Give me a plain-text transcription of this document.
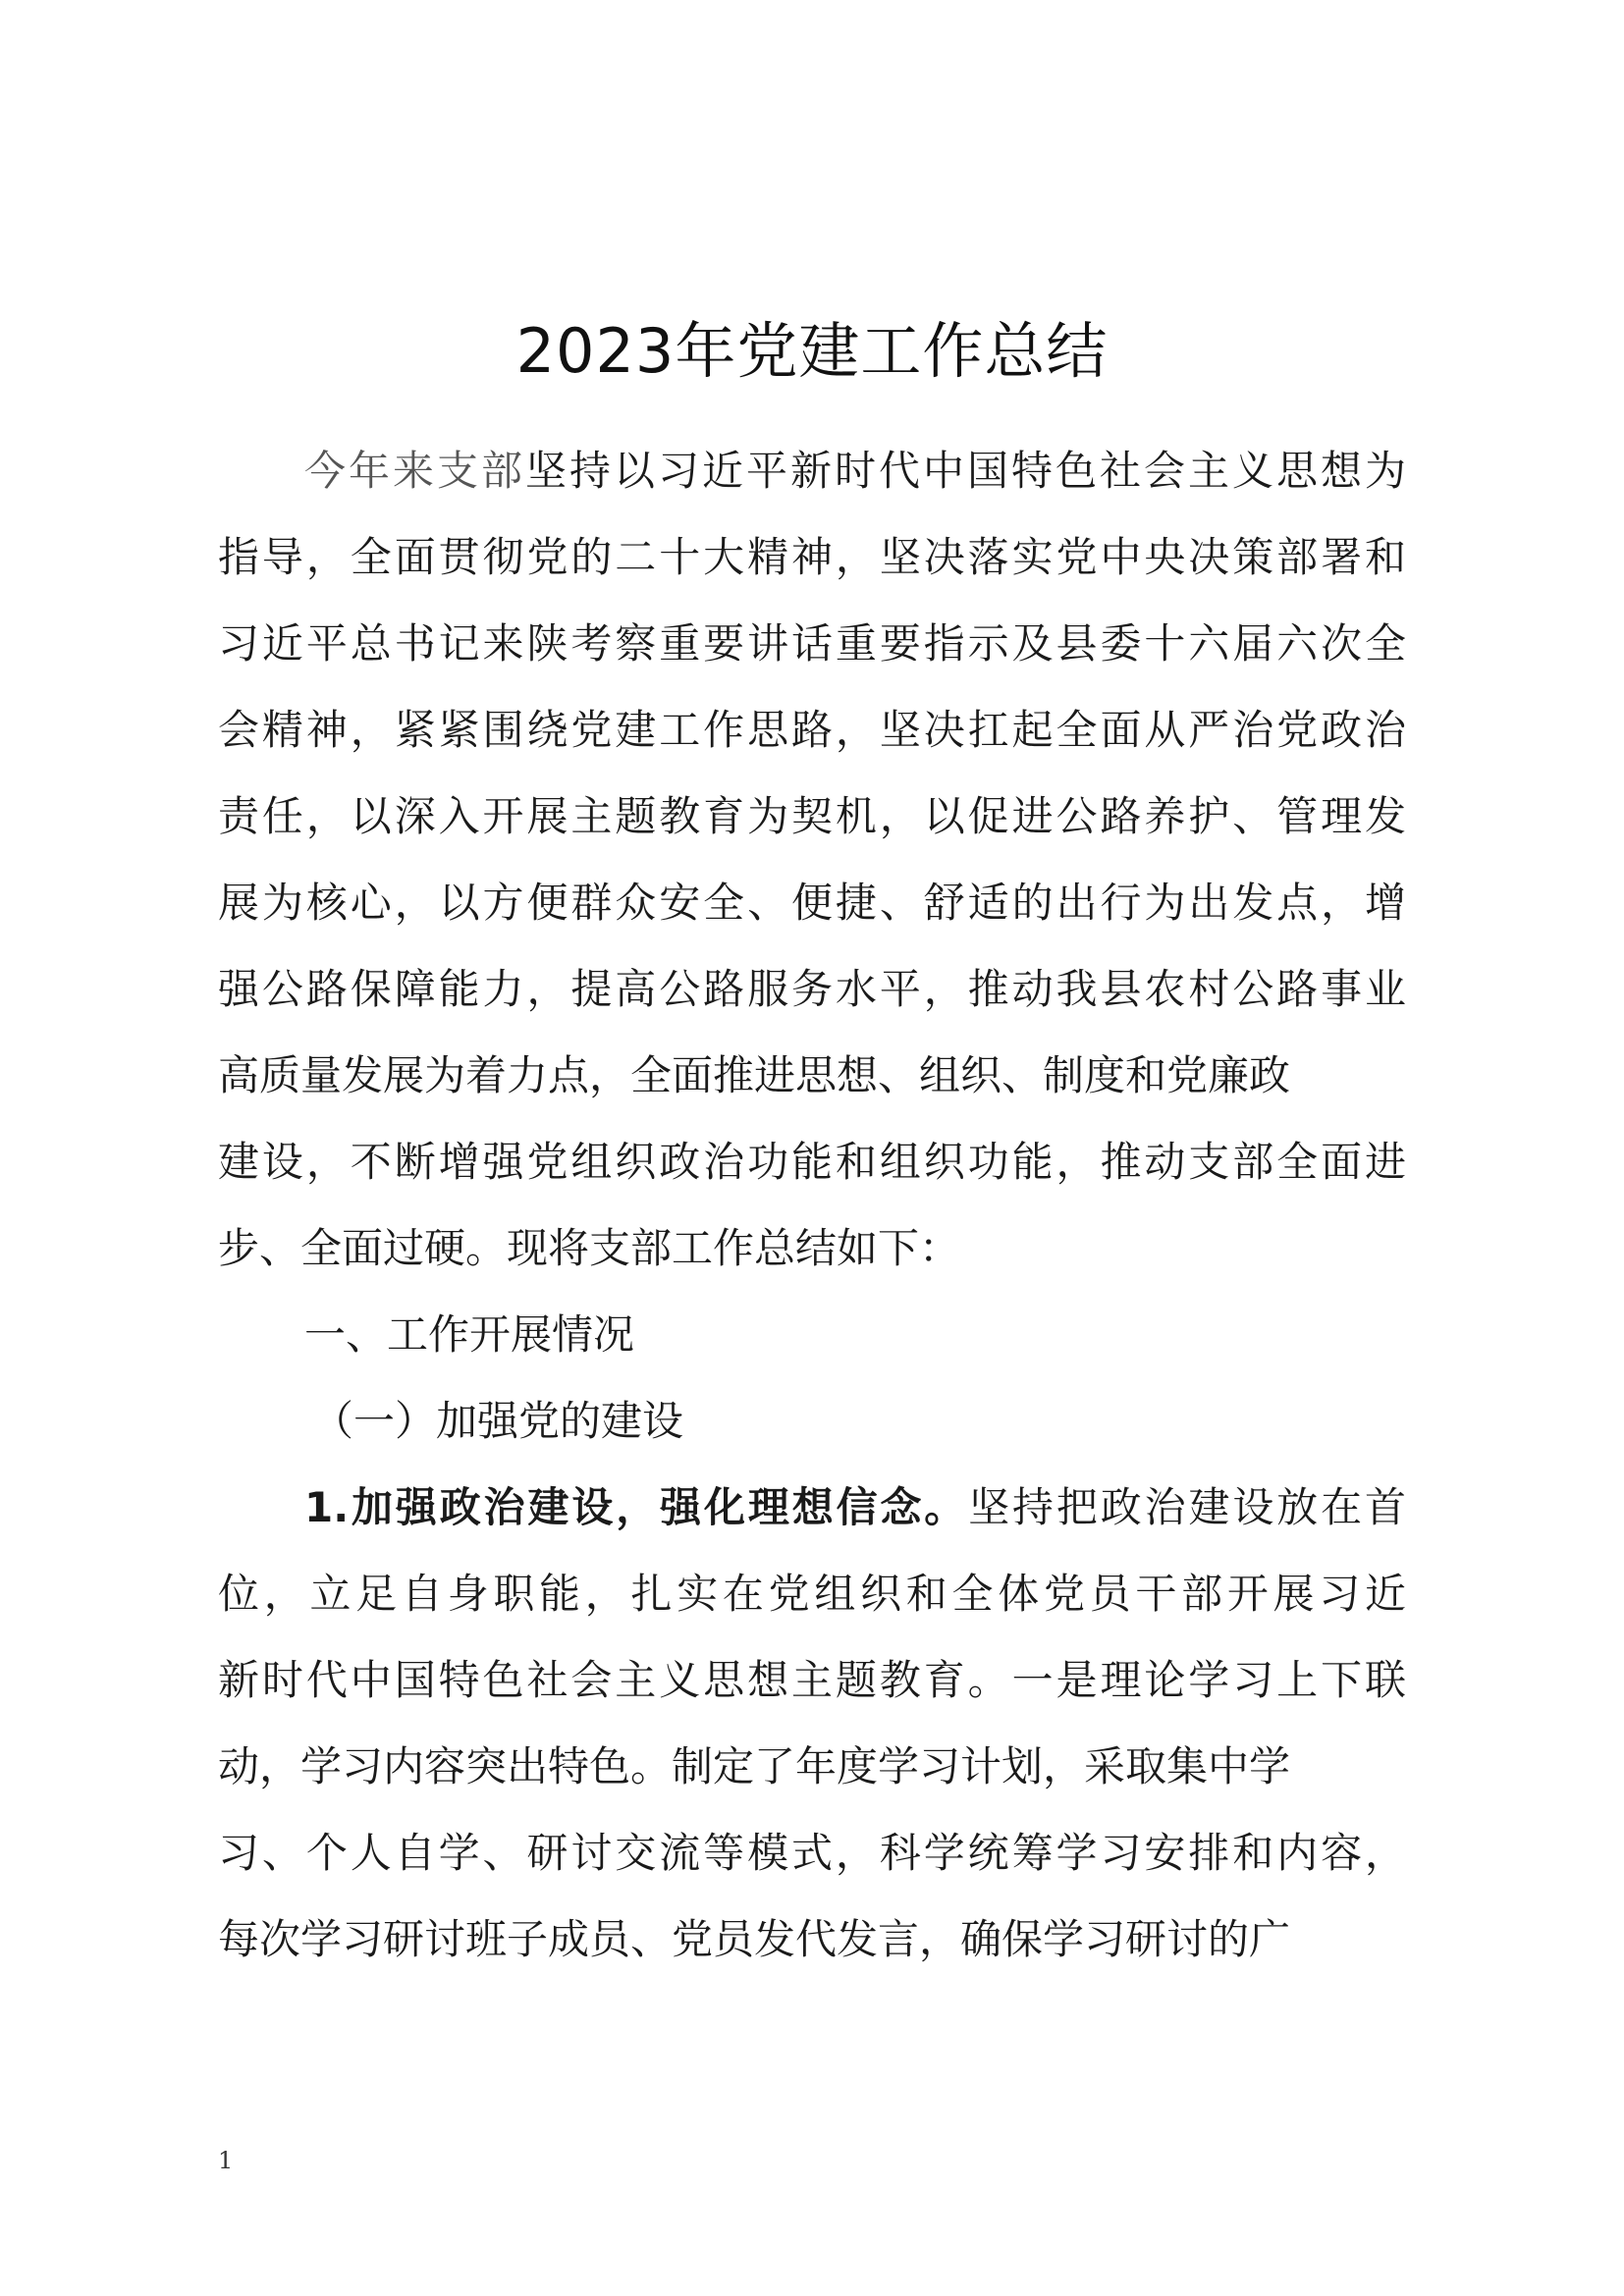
2023年党建工作总结
今年来支部坚持以习近平新时代中国特色社会主义思想为
指导，全面贯彻党的二十大精神，坚决落实党中央决策部署和
习近平总书记来陕考察重要讲话重要指示及县委十六届六次全
会精神，紧紧围绕党建工作思路，坚决扛起全面从严治党政治
责任，以深入开展主题教育为契机，以促进公路养护、管理发
展为核心，以方便群众安全、便捷、舒适的出行为出发点，增
强公路保障能力，提高公路服务水平，推动我县农村公路事业
高质量发展为着力点，全面推进思想、组织、制度和党廉政
建设，不断增强党组织政治功能和组织功能，推动支部全面进
步、全面过硬。现将支部工作总结如下：
一、工作开展情况
（一）加强党的建设
1.加强政治建设，强化理想信念。坚持把政治建设放在首
位，立足自身职能，扎实在党组织和全体党员干部开展习近
新时代中国特色社会主义思想主题教育。一是理论学习上下联
动，学习内容突出特色。制定了年度学习计划，采取集中学
习、个人自学、研讨交流等模式，科学统筹学习安排和内容，
每次学习研讨班子成员、党员发代发言，确保学习研讨的广
1
